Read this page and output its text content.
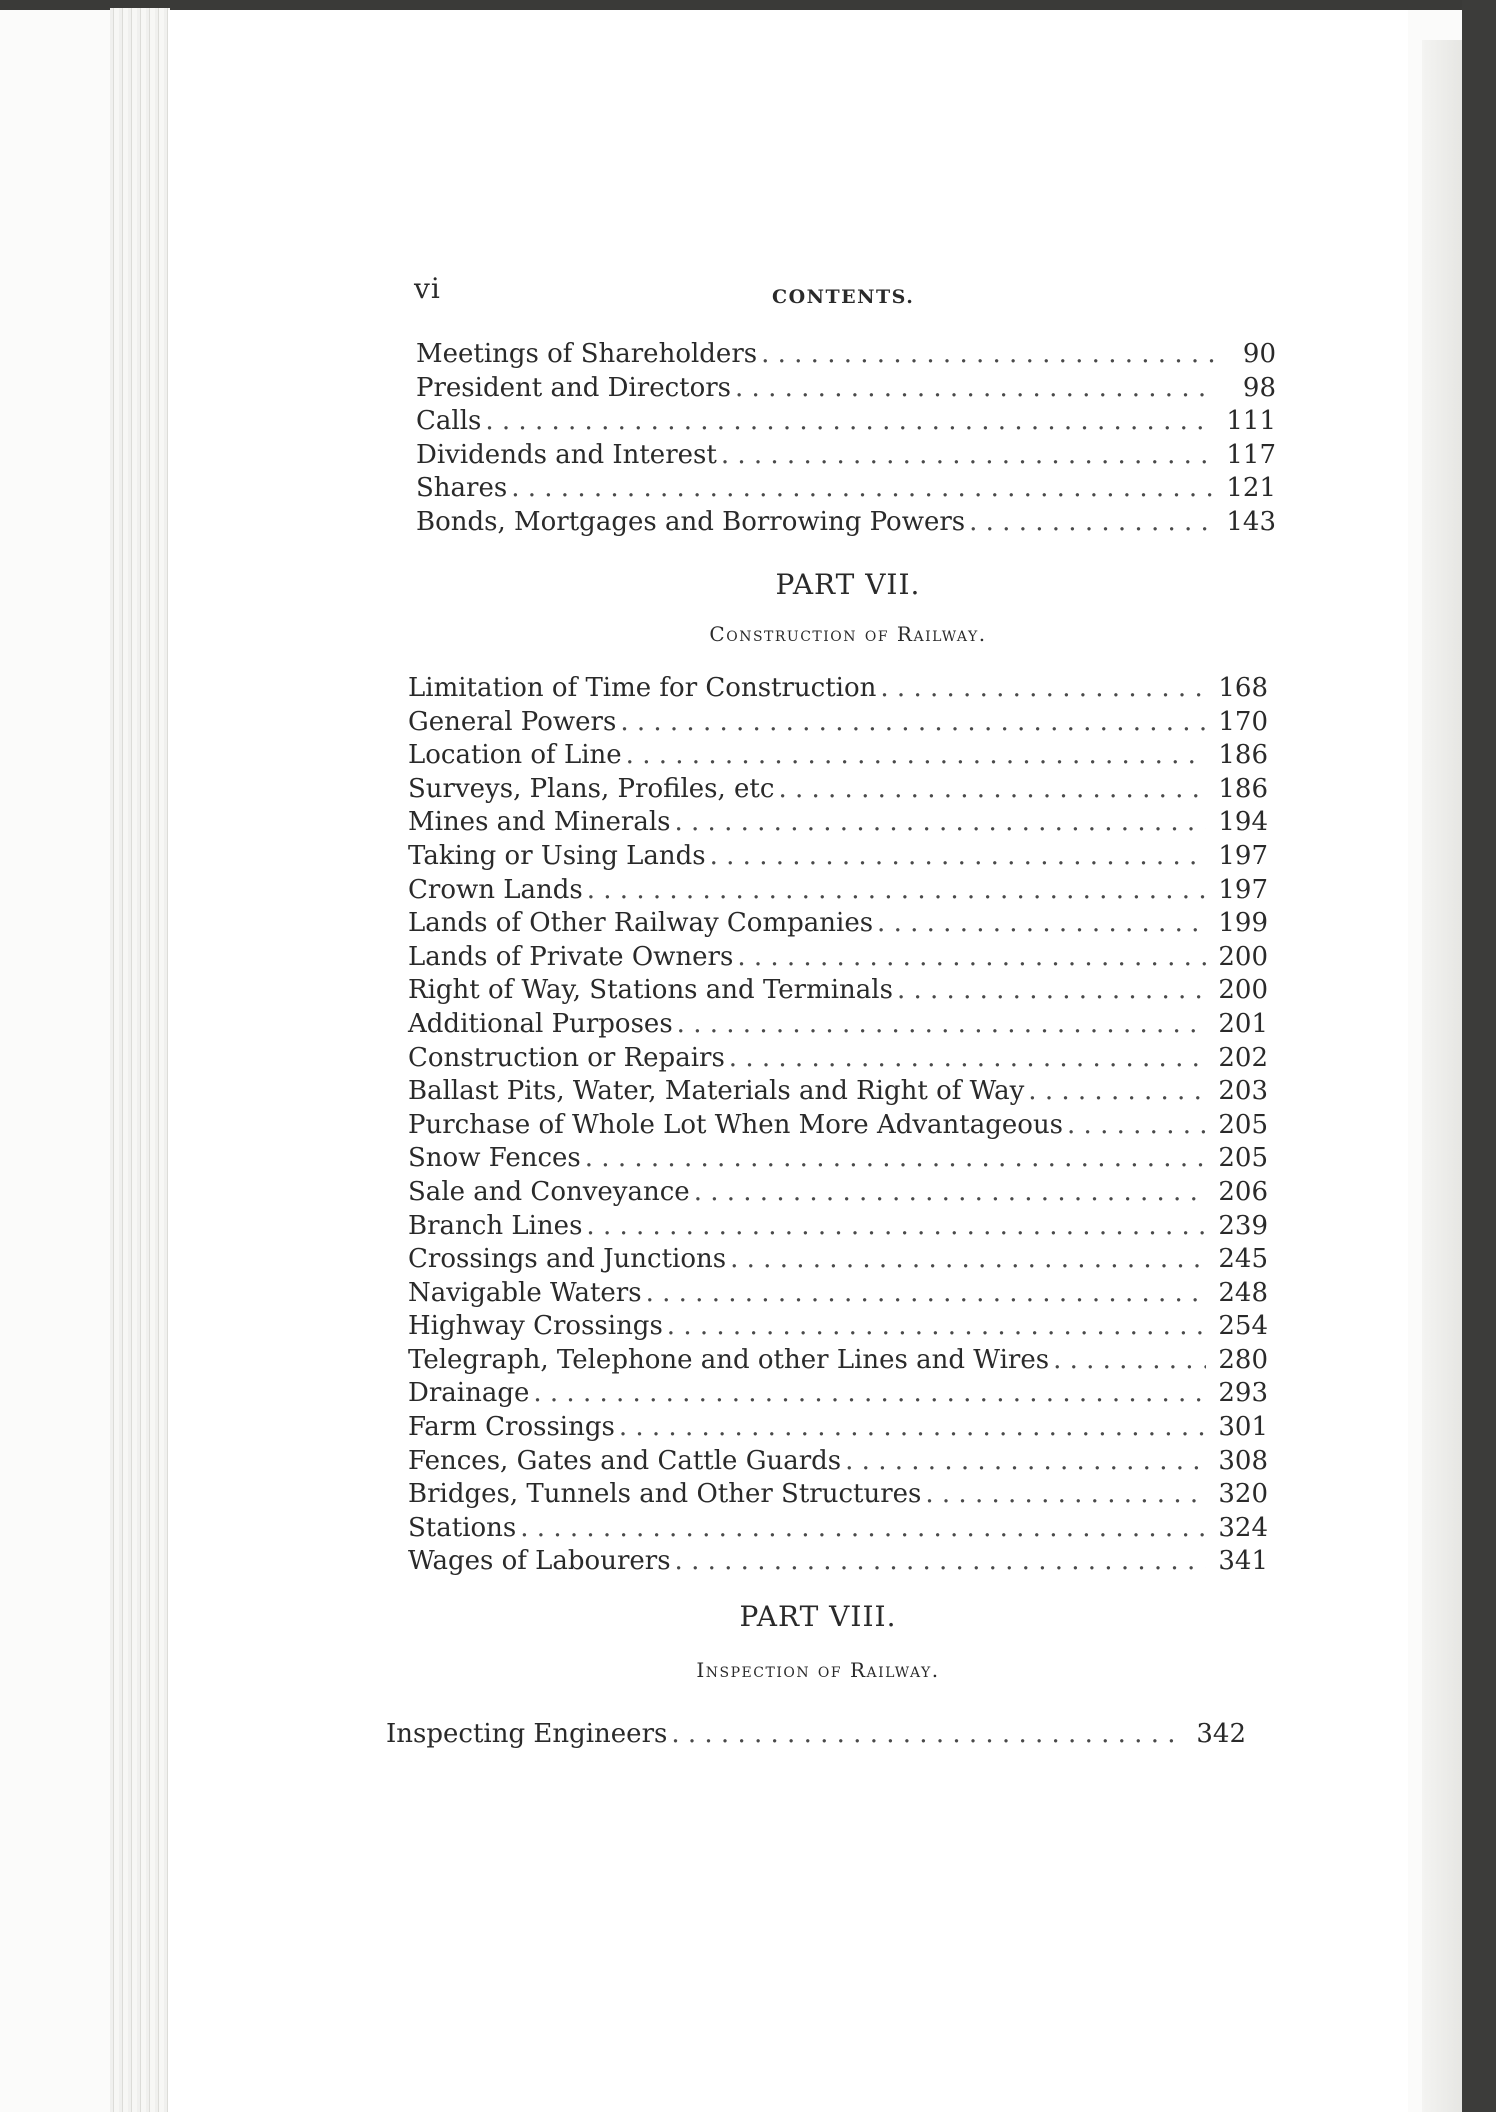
vi	CONTENTS.
Meetings of Shareholders . . .	90
President and Directors . . .	98
Calls . . .	111
Dividends and Interest . . .	117
Shares . . .	121
Bonds, Mortgages and Borrowing Powers . . .	143
PART VII.
Construction of Railway.
Limitation of Time for Construction . . .	168
General Powers . . .	170
Location of Line . . .	186
Surveys, Plans, Profiles, etc . . .	186
Mines and Minerals . . .	194
Taking or Using Lands . . .	197
Crown Lands . . .	197
Lands of Other Railway Companies . . .	199
Lands of Private Owners . . .	200
Right of Way, Stations and Terminals . . .	200
Additional Purposes . . .	201
Construction or Repairs . . .	202
Ballast Pits, Water, Materials and Right of Way . . .	203
Purchase of Whole Lot When More Advantageous . . .	205
Snow Fences . . .	205
Sale and Conveyance . . .	206
Branch Lines . . .	239
Crossings and Junctions . . .	245
Navigable Waters . . .	248
Highway Crossings . . .	254
Telegraph, Telephone and other Lines and Wires . . .	280
Drainage . . .	293
Farm Crossings . . .	301
Fences, Gates and Cattle Guards . . .	308
Bridges, Tunnels and Other Structures . . .	320
Stations . . .	324
Wages of Labourers . . .	341
PART VIII.
Inspection of Railway.
Inspecting Engineers . . .	342
